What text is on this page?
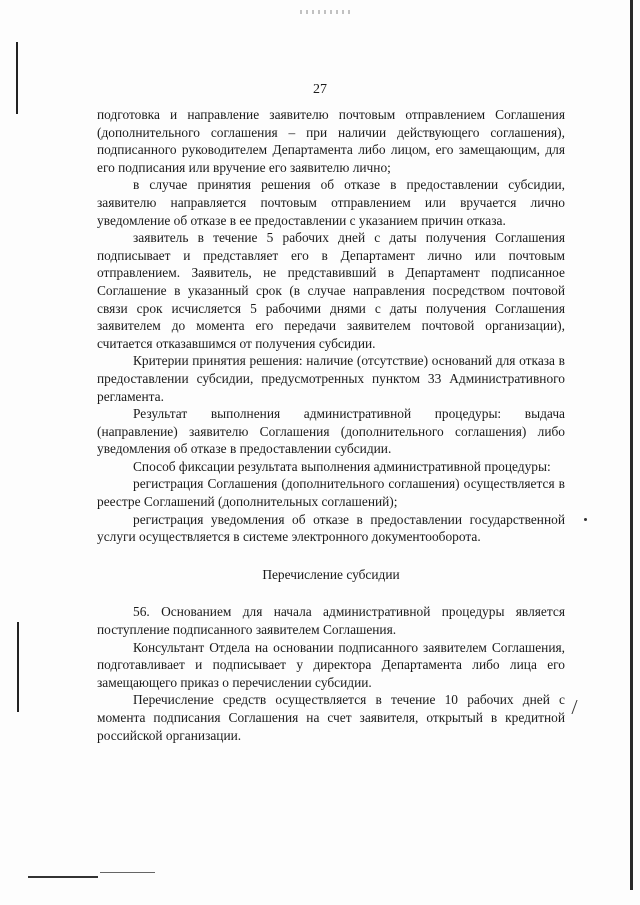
27

подготовка и направление заявителю почтовым отправлением Соглашения (дополнительного соглашения – при наличии действующего соглашения), подписанного руководителем Департамента либо лицом, его замещающим, для его подписания или вручение его заявителю лично;

в случае принятия решения об отказе в предоставлении субсидии, заявителю направляется почтовым отправлением или вручается лично уведомление об отказе в ее предоставлении с указанием причин отказа.

заявитель в течение 5 рабочих дней с даты получения Соглашения подписывает и представляет его в Департамент лично или почтовым отправлением. Заявитель, не представивший в Департамент подписанное Соглашение в указанный срок (в случае направления посредством почтовой связи срок исчисляется 5 рабочими днями с даты получения Соглашения заявителем до момента его передачи заявителем почтовой организации), считается отказавшимся от получения субсидии.

Критерии принятия решения: наличие (отсутствие) оснований для отказа в предоставлении субсидии, предусмотренных пунктом 33 Административного регламента.

Результат выполнения административной процедуры: выдача (направление) заявителю Соглашения (дополнительного соглашения) либо уведомления об отказе в предоставлении субсидии.

Способ фиксации результата выполнения административной процедуры:

регистрация Соглашения (дополнительного соглашения) осуществляется в реестре Соглашений (дополнительных соглашений);

регистрация уведомления об отказе в предоставлении государственной услуги осуществляется в системе электронного документооборота.

Перечисление субсидии

56. Основанием для начала административной процедуры является поступление подписанного заявителем Соглашения.

Консультант Отдела на основании подписанного заявителем Соглашения, подготавливает и подписывает у директора Департамента либо лица его замещающего приказ о перечислении субсидии.

Перечисление средств осуществляется в течение 10 рабочих дней с момента подписания Соглашения на счет заявителя, открытый в кредитной российской организации.
